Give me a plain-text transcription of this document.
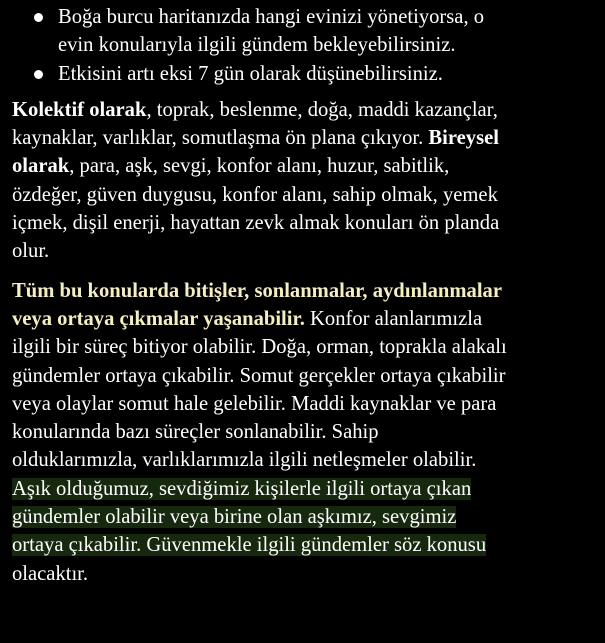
Boğa burcu haritanızda hangi evinizi yönetiyorsa, o
evin konularıyla ilgili gündem bekleyebilirsiniz.
Etkisini artı eksi 7 gün olarak düşünebilirsiniz.

Kolektif olarak, toprak, beslenme, doğa, maddi kazançlar,
kaynaklar, varlıklar, somutlaşma ön plana çıkıyor. Bireysel
olarak, para, aşk, sevgi, konfor alanı, huzur, sabitlik,
özdeğer, güven duygusu, konfor alanı, sahip olmak, yemek
içmek, dişil enerji, hayattan zevk almak konuları ön planda
olur.

Tüm bu konularda bitişler, sonlanmalar, aydınlanmalar
veya ortaya çıkmalar yaşanabilir. Konfor alanlarımızla
ilgili bir süreç bitiyor olabilir. Doğa, orman, toprakla alakalı
gündemler ortaya çıkabilir. Somut gerçekler ortaya çıkabilir
veya olaylar somut hale gelebilir. Maddi kaynaklar ve para
konularında bazı süreçler sonlanabilir. Sahip
olduklarımızla, varlıklarımızla ilgili netleşmeler olabilir.
Aşık olduğumuz, sevdiğimiz kişilerle ilgili ortaya çıkan
gündemler olabilir veya birine olan aşkımız, sevgimiz
ortaya çıkabilir. Güvenmekle ilgili gündemler söz konusu
olacaktır.
